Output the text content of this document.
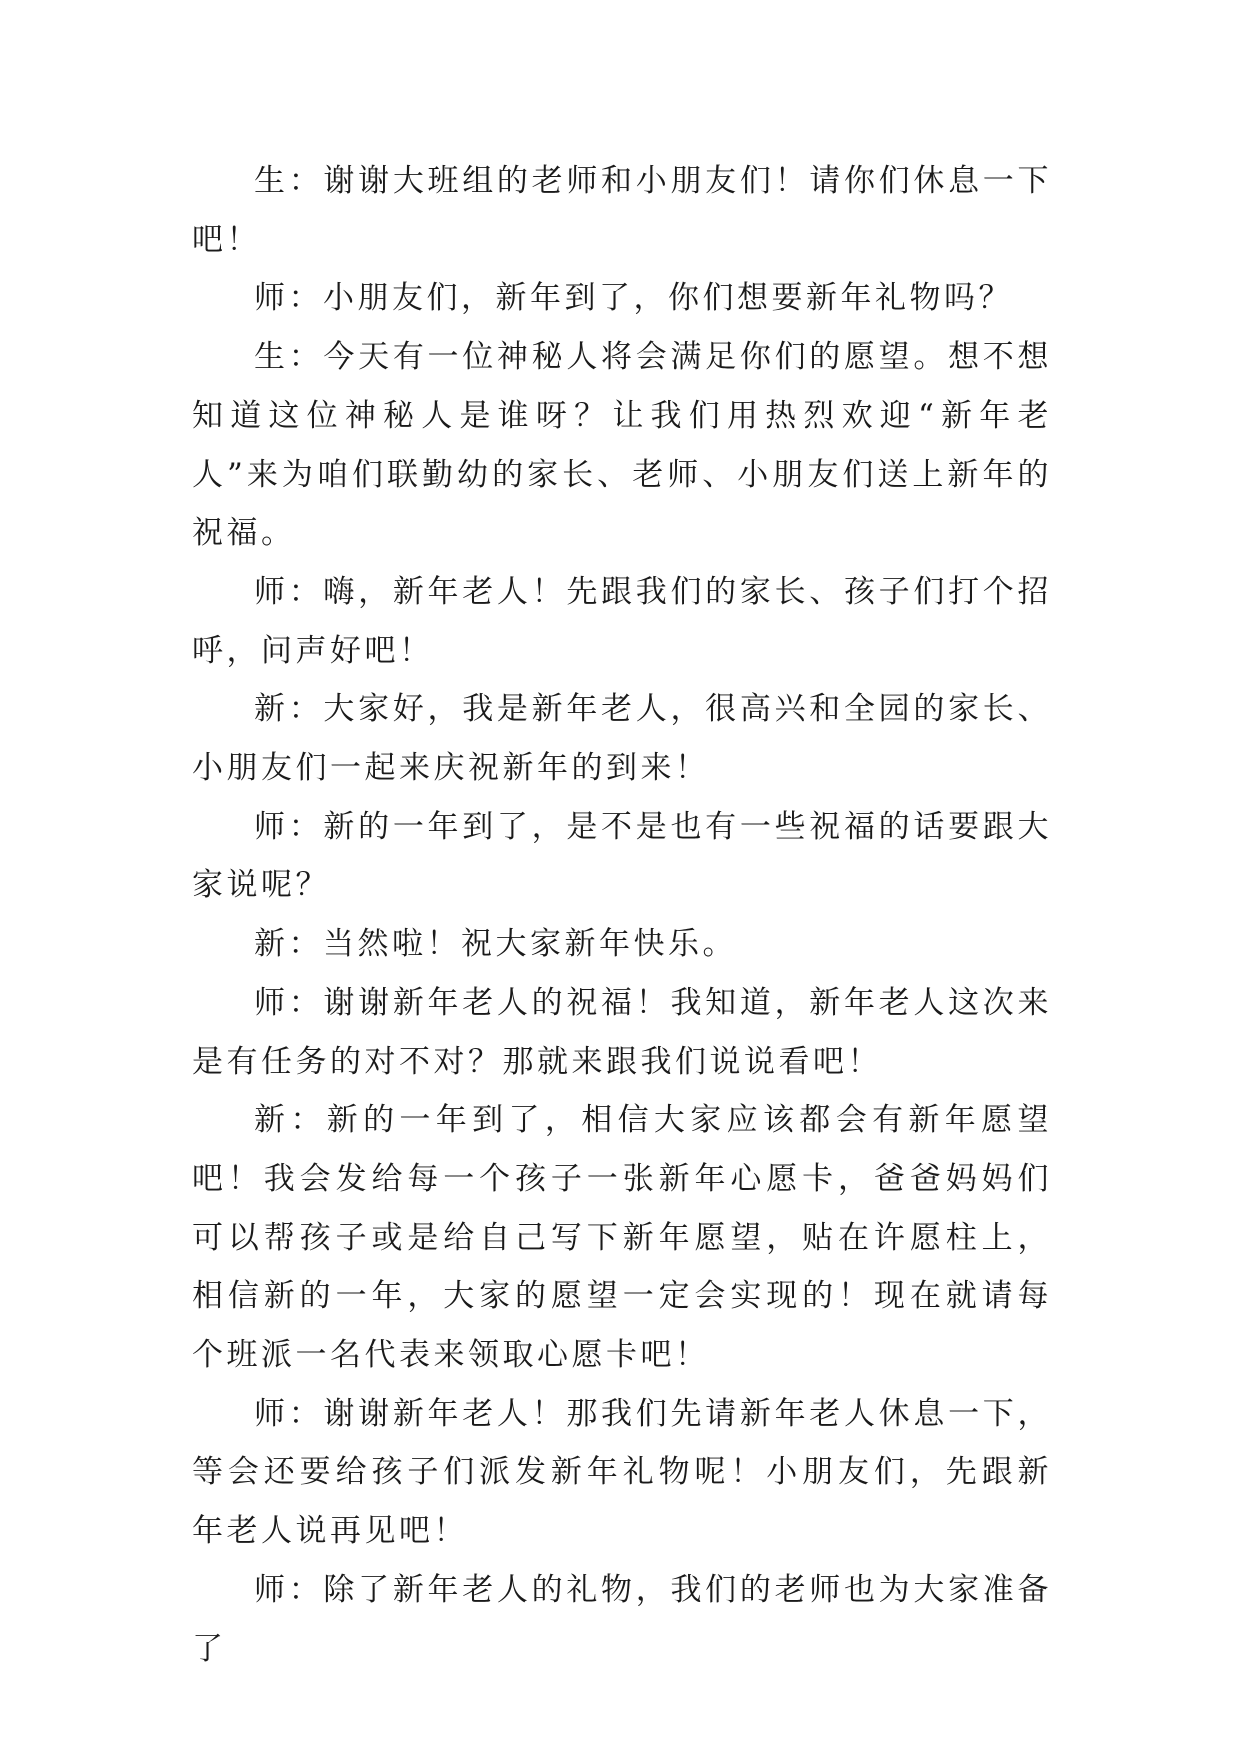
生：谢谢大班组的老师和小朋友们！请你们休息一下吧！

师：小朋友们，新年到了，你们想要新年礼物吗？

生：今天有一位神秘人将会满足你们的愿望。想不想知道这位神秘人是谁呀？让我们用热烈欢迎“新年老人”来为咱们联勤幼的家长、老师、小朋友们送上新年的祝福。

师：嗨，新年老人！先跟我们的家长、孩子们打个招呼，问声好吧！

新：大家好，我是新年老人，很高兴和全园的家长、小朋友们一起来庆祝新年的到来！

师：新的一年到了，是不是也有一些祝福的话要跟大家说呢？

新：当然啦！祝大家新年快乐。

师：谢谢新年老人的祝福！我知道，新年老人这次来是有任务的对不对？那就来跟我们说说看吧！

新：新的一年到了，相信大家应该都会有新年愿望吧！我会发给每一个孩子一张新年心愿卡，爸爸妈妈们可以帮孩子或是给自己写下新年愿望，贴在许愿柱上，相信新的一年，大家的愿望一定会实现的！现在就请每个班派一名代表来领取心愿卡吧！

师：谢谢新年老人！那我们先请新年老人休息一下，等会还要给孩子们派发新年礼物呢！小朋友们，先跟新年老人说再见吧！

师：除了新年老人的礼物，我们的老师也为大家准备了
